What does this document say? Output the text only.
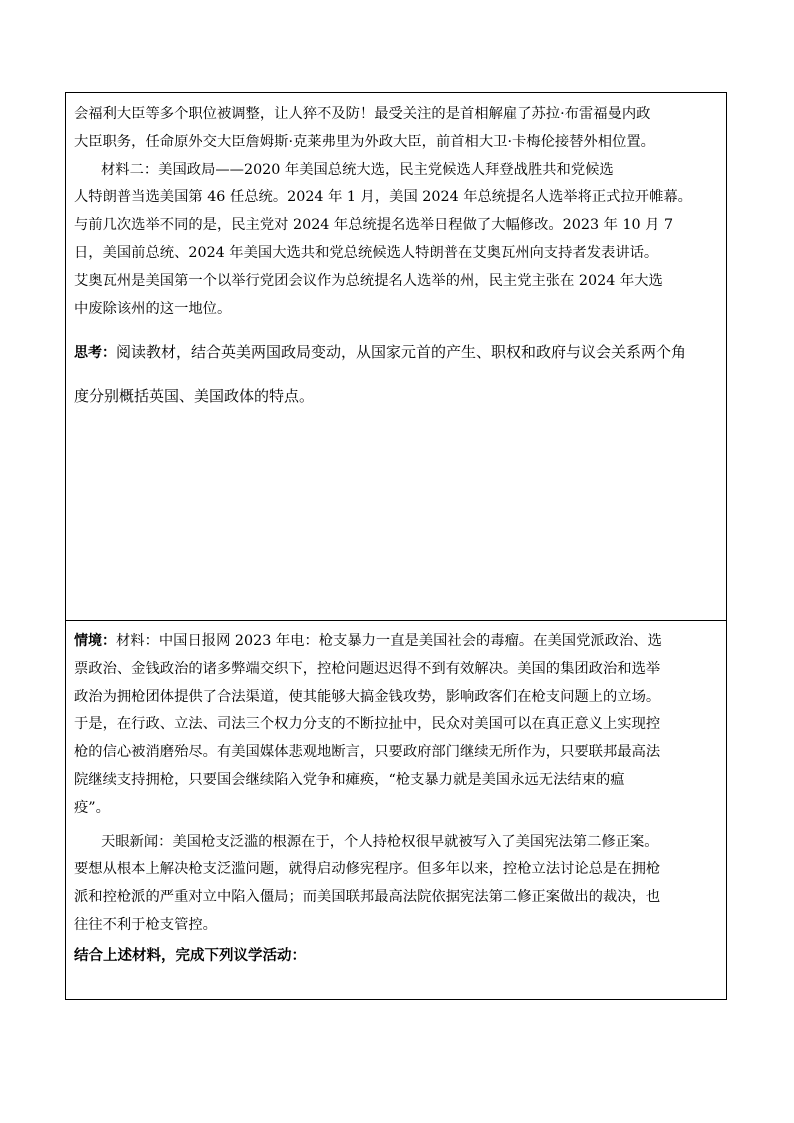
会福利大臣等多个职位被调整，让人猝不及防！最受关注的是首相解雇了苏拉·布雷福曼内政

大臣职务，任命原外交大臣詹姆斯·克莱弗里为外政大臣，前首相大卫·卡梅伦接替外相位置。

材料二：美国政局——2020 年美国总统大选，民主党候选人拜登战胜共和党候选

人特朗普当选美国第 46 任总统。2024 年 1 月，美国 2024 年总统提名人选举将正式拉开帷幕。

与前几次选举不同的是，民主党对 2024 年总统提名选举日程做了大幅修改。2023 年 10 月 7

日，美国前总统、2024 年美国大选共和党总统候选人特朗普在艾奥瓦州向支持者发表讲话。

艾奥瓦州是美国第一个以举行党团会议作为总统提名人选举的州，民主党主张在 2024 年大选

中废除该州的这一地位。

思考：阅读教材，结合英美两国政局变动，从国家元首的产生、职权和政府与议会关系两个角

度分别概括英国、美国政体的特点。

情境：材料：中国日报网 2023 年电：枪支暴力一直是美国社会的毒瘤。在美国党派政治、选

票政治、金钱政治的诸多弊端交织下，控枪问题迟迟得不到有效解决。美国的集团政治和选举

政治为拥枪团体提供了合法渠道，使其能够大搞金钱攻势，影响政客们在枪支问题上的立场。

于是，在行政、立法、司法三个权力分支的不断拉扯中，民众对美国可以在真正意义上实现控

枪的信心被消磨殆尽。有美国媒体悲观地断言，只要政府部门继续无所作为，只要联邦最高法

院继续支持拥枪，只要国会继续陷入党争和瘫痪，“枪支暴力就是美国永远无法结束的瘟

疫”。

天眼新闻：美国枪支泛滥的根源在于，个人持枪权很早就被写入了美国宪法第二修正案。

要想从根本上解决枪支泛滥问题，就得启动修宪程序。但多年以来，控枪立法讨论总是在拥枪

派和控枪派的严重对立中陷入僵局；而美国联邦最高法院依据宪法第二修正案做出的裁决，也

往往不利于枪支管控。

结合上述材料，完成下列议学活动：
